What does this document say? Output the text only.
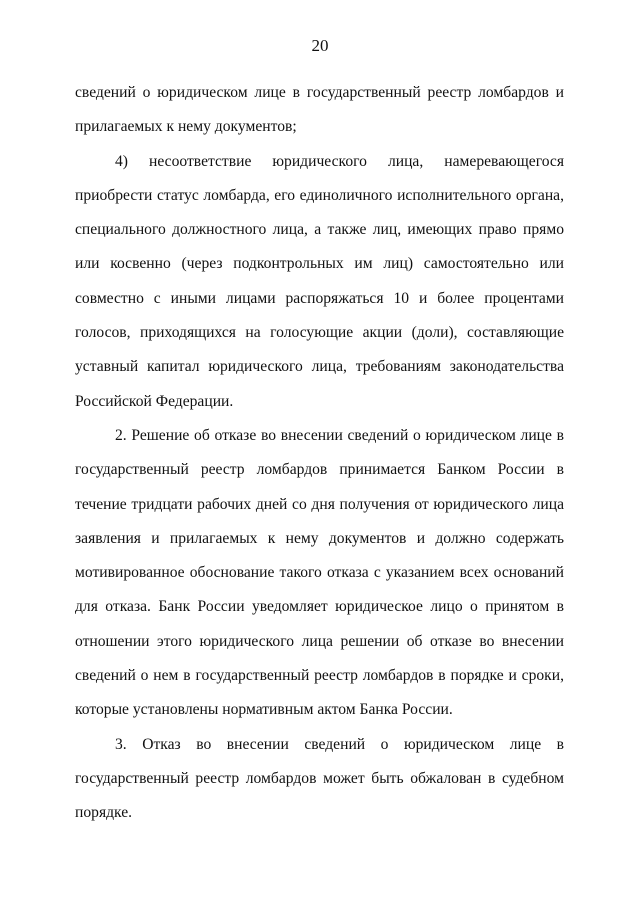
20

сведений о юридическом лице в государственный реестр ломбардов и прилагаемых к нему документов;

4) несоответствие юридического лица, намеревающегося приобрести статус ломбарда, его единоличного исполнительного органа, специального должностного лица, а также лиц, имеющих право прямо или косвенно (через подконтрольных им лиц) самостоятельно или совместно с иными лицами распоряжаться 10 и более процентами голосов, приходящихся на голосующие акции (доли), составляющие уставный капитал юридического лица, требованиям законодательства Российской Федерации.

2. Решение об отказе во внесении сведений о юридическом лице в государственный реестр ломбардов принимается Банком России в течение тридцати рабочих дней со дня получения от юридического лица заявления и прилагаемых к нему документов и должно содержать мотивированное обоснование такого отказа с указанием всех оснований для отказа. Банк России уведомляет юридическое лицо о принятом в отношении этого юридического лица решении об отказе во внесении сведений о нем в государственный реестр ломбардов в порядке и сроки, которые установлены нормативным актом Банка России.

3. Отказ во внесении сведений о юридическом лице в государственный реестр ломбардов может быть обжалован в судебном порядке.
